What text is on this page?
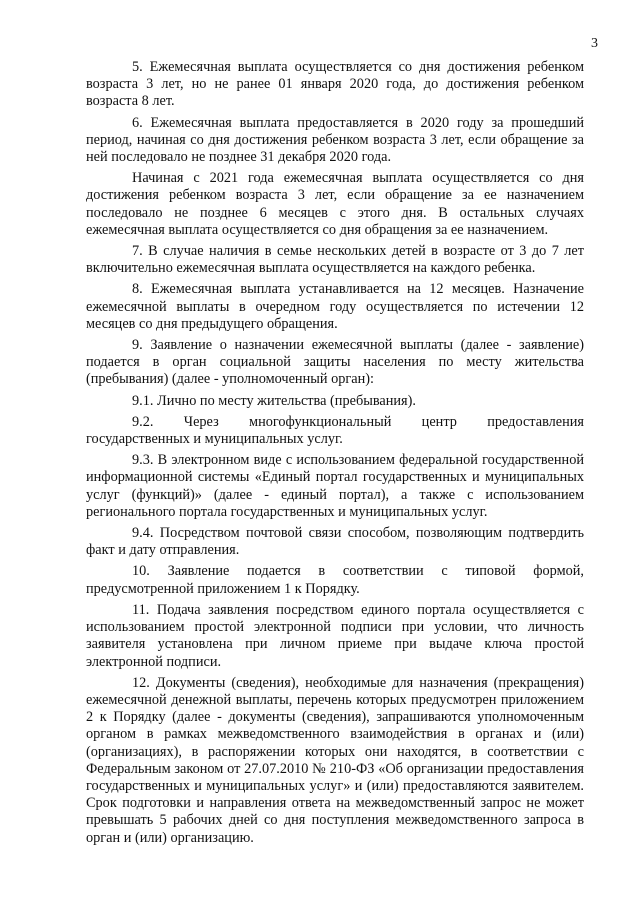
3

5. Ежемесячная выплата осуществляется со дня достижения ребенком возраста 3 лет, но не ранее 01 января 2020 года, до достижения ребенком возраста 8 лет.

6. Ежемесячная выплата предоставляется в 2020 году за прошедший период, начиная со дня достижения ребенком возраста 3 лет, если обращение за ней последовало не позднее 31 декабря 2020 года.

Начиная с 2021 года ежемесячная выплата осуществляется со дня достижения ребенком возраста 3 лет, если обращение за ее назначением последовало не позднее 6 месяцев с этого дня. В остальных случаях ежемесячная выплата осуществляется со дня обращения за ее назначением.

7. В случае наличия в семье нескольких детей в возрасте от 3 до 7 лет включительно ежемесячная выплата осуществляется на каждого ребенка.

8. Ежемесячная выплата устанавливается на 12 месяцев. Назначение ежемесячной выплаты в очередном году осуществляется по истечении 12 месяцев со дня предыдущего обращения.

9. Заявление о назначении ежемесячной выплаты (далее - заявление) подается в орган социальной защиты населения по месту жительства (пребывания) (далее - уполномоченный орган):

9.1. Лично по месту жительства (пребывания).

9.2. Через многофункциональный центр предоставления государственных и муниципальных услуг.

9.3. В электронном виде с использованием федеральной государственной информационной системы «Единый портал государственных и муниципальных услуг (функций)» (далее - единый портал), а также с использованием регионального портала государственных и муниципальных услуг.

9.4. Посредством почтовой связи способом, позволяющим подтвердить факт и дату отправления.

10. Заявление подается в соответствии с типовой формой, предусмотренной приложением 1 к Порядку.

11. Подача заявления посредством единого портала осуществляется с использованием простой электронной подписи при условии, что личность заявителя установлена при личном приеме при выдаче ключа простой электронной подписи.

12. Документы (сведения), необходимые для назначения (прекращения) ежемесячной денежной выплаты, перечень которых предусмотрен приложением 2 к Порядку (далее - документы (сведения), запрашиваются уполномоченным органом в рамках межведомственного взаимодействия в органах и (или) (организациях), в распоряжении которых они находятся, в соответствии с Федеральным законом от 27.07.2010 № 210-ФЗ «Об организации предоставления государственных и муниципальных услуг» и (или) предоставляются заявителем. Срок подготовки и направления ответа на межведомственный запрос не может превышать 5 рабочих дней со дня поступления межведомственного запроса в орган и (или) организацию.
